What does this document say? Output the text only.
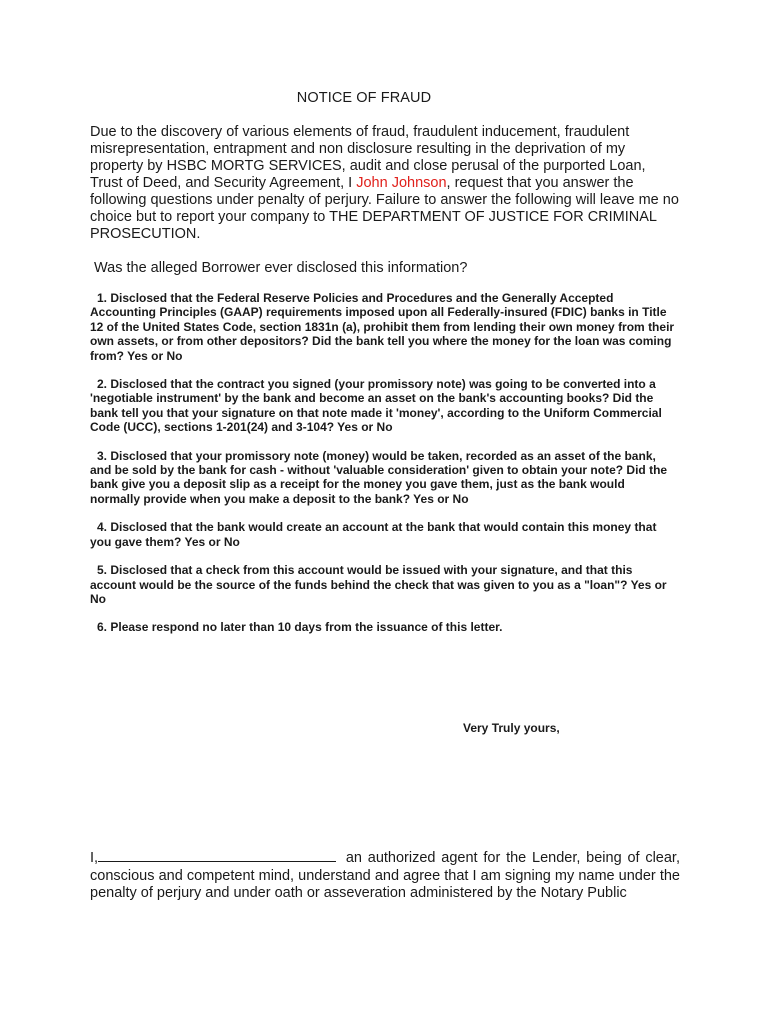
NOTICE OF FRAUD

Due to the discovery of various elements of fraud, fraudulent inducement, fraudulent misrepresentation, entrapment and non disclosure resulting in the deprivation of my property by HSBC MORTG SERVICES, audit and close perusal of the purported Loan, Trust of Deed, and Security Agreement, I John Johnson, request that you answer the following questions under penalty of perjury. Failure to answer the following will leave me no choice but to report your company to THE DEPARTMENT OF JUSTICE FOR CRIMINAL PROSECUTION.

Was the alleged Borrower ever disclosed this information?
1. Disclosed that the Federal Reserve Policies and Procedures and the Generally Accepted Accounting Principles (GAAP) requirements imposed upon all Federally-insured (FDIC) banks in Title 12 of the United States Code, section 1831n (a), prohibit them from lending their own money from their own assets, or from other depositors? Did the bank tell you where the money for the loan was coming from? Yes or No
2. Disclosed that the contract you signed (your promissory note) was going to be converted into a 'negotiable instrument' by the bank and become an asset on the bank's accounting books? Did the bank tell you that your signature on that note made it 'money', according to the Uniform Commercial Code (UCC), sections 1-201(24) and 3-104? Yes or No
3. Disclosed that your promissory note (money) would be taken, recorded as an asset of the bank, and be sold by the bank for cash - without 'valuable consideration' given to obtain your note? Did the bank give you a deposit slip as a receipt for the money you gave them, just as the bank would normally provide when you make a deposit to the bank? Yes or No
4. Disclosed that the bank would create an account at the bank that would contain this money that you gave them? Yes or No
5. Disclosed that a check from this account would be issued with your signature, and that this account would be the source of the funds behind the check that was given to you as a "loan"? Yes or No
6. Please respond no later than 10 days from the issuance of this letter.
Very Truly yours,

I,	an authorized agent for the Lender, being of clear, conscious and competent mind, understand and agree that I am signing my name under the penalty of perjury and under oath or asseveration administered by the Notary Public
